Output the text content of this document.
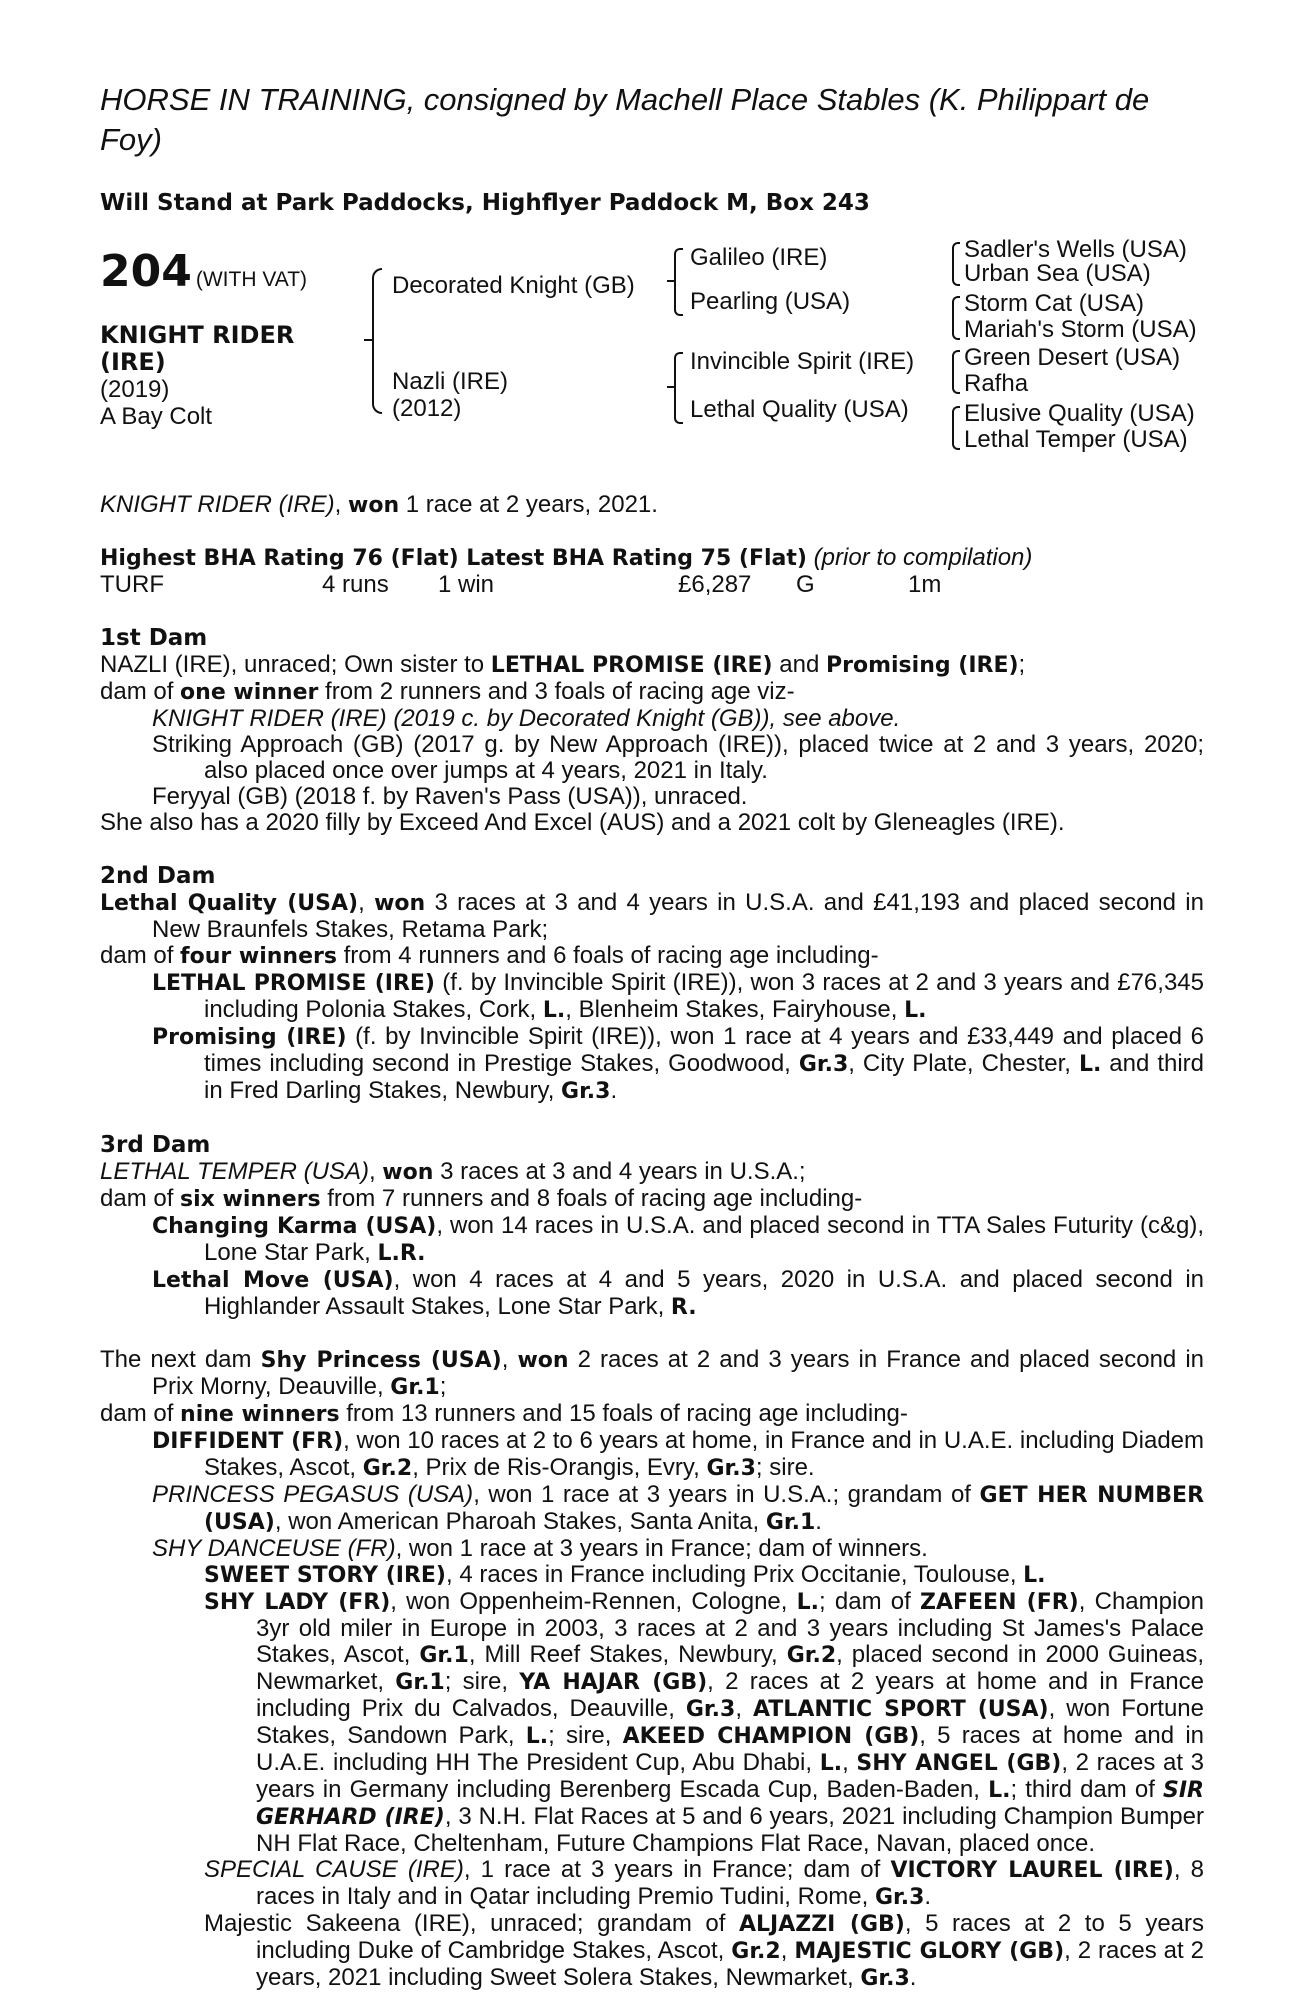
HORSE IN TRAINING, consigned by Machell Place Stables (K. Philippart de Foy)

Will Stand at Park Paddocks, Highflyer Paddock M, Box 243
204 (WITH VAT)
KNIGHT RIDER
(IRE)
(2019)
A Bay Colt
Decorated Knight (GB)
Nazli (IRE)
(2012)
Galileo (IRE)
Pearling (USA)
Invincible Spirit (IRE)
Lethal Quality (USA)
Sadler's Wells (USA)
Urban Sea (USA)
Storm Cat (USA)
Mariah's Storm (USA)
Green Desert (USA)
Rafha
Elusive Quality (USA)
Lethal Temper (USA)

KNIGHT RIDER (IRE), won 1 race at 2 years, 2021.

Highest BHA Rating 76 (Flat) Latest BHA Rating 75 (Flat) (prior to compilation)

TURF	4 runs	1 win	£6,287	G	1m

1st Dam

NAZLI (IRE), unraced; Own sister to LETHAL PROMISE (IRE) and Promising (IRE);

dam of one winner from 2 runners and 3 foals of racing age viz-

KNIGHT RIDER (IRE) (2019 c. by Decorated Knight (GB)), see above.

Striking Approach (GB) (2017 g. by New Approach (IRE)), placed twice at 2 and 3 years, 2020; also placed once over jumps at 4 years, 2021 in Italy.

Feryyal (GB) (2018 f. by Raven's Pass (USA)), unraced.

She also has a 2020 filly by Exceed And Excel (AUS) and a 2021 colt by Gleneagles (IRE).

2nd Dam

Lethal Quality (USA), won 3 races at 3 and 4 years in U.S.A. and £41,193 and placed second in New Braunfels Stakes, Retama Park;

dam of four winners from 4 runners and 6 foals of racing age including-

LETHAL PROMISE (IRE) (f. by Invincible Spirit (IRE)), won 3 races at 2 and 3 years and £76,345 including Polonia Stakes, Cork, L., Blenheim Stakes, Fairyhouse, L.

Promising (IRE) (f. by Invincible Spirit (IRE)), won 1 race at 4 years and £33,449 and placed 6 times including second in Prestige Stakes, Goodwood, Gr.3, City Plate, Chester, L. and third in Fred Darling Stakes, Newbury, Gr.3.

3rd Dam

LETHAL TEMPER (USA), won 3 races at 3 and 4 years in U.S.A.;

dam of six winners from 7 runners and 8 foals of racing age including-

Changing Karma (USA), won 14 races in U.S.A. and placed second in TTA Sales Futurity (c&g), Lone Star Park, L.R.

Lethal Move (USA), won 4 races at 4 and 5 years, 2020 in U.S.A. and placed second in Highlander Assault Stakes, Lone Star Park, R.

The next dam Shy Princess (USA), won 2 races at 2 and 3 years in France and placed second in Prix Morny, Deauville, Gr.1;

dam of nine winners from 13 runners and 15 foals of racing age including-

DIFFIDENT (FR), won 10 races at 2 to 6 years at home, in France and in U.A.E. including Diadem Stakes, Ascot, Gr.2, Prix de Ris-Orangis, Evry, Gr.3; sire.

PRINCESS PEGASUS (USA), won 1 race at 3 years in U.S.A.; grandam of GET HER NUMBER (USA), won American Pharoah Stakes, Santa Anita, Gr.1.

SHY DANCEUSE (FR), won 1 race at 3 years in France; dam of winners.

SWEET STORY (IRE), 4 races in France including Prix Occitanie, Toulouse, L.

SHY LADY (FR), won Oppenheim-Rennen, Cologne, L.; dam of ZAFEEN (FR), Champion 3yr old miler in Europe in 2003, 3 races at 2 and 3 years including St James's Palace Stakes, Ascot, Gr.1, Mill Reef Stakes, Newbury, Gr.2, placed second in 2000 Guineas, Newmarket, Gr.1; sire, YA HAJAR (GB), 2 races at 2 years at home and in France including Prix du Calvados, Deauville, Gr.3, ATLANTIC SPORT (USA), won Fortune Stakes, Sandown Park, L.; sire, AKEED CHAMPION (GB), 5 races at home and in U.A.E. including HH The President Cup, Abu Dhabi, L., SHY ANGEL (GB), 2 races at 3 years in Germany including Berenberg Escada Cup, Baden-Baden, L.; third dam of SIR GERHARD (IRE), 3 N.H. Flat Races at 5 and 6 years, 2021 including Champion Bumper NH Flat Race, Cheltenham, Future Champions Flat Race, Navan, placed once.

SPECIAL CAUSE (IRE), 1 race at 3 years in France; dam of VICTORY LAUREL (IRE), 8 races in Italy and in Qatar including Premio Tudini, Rome, Gr.3.

Majestic Sakeena (IRE), unraced; grandam of ALJAZZI (GB), 5 races at 2 to 5 years including Duke of Cambridge Stakes, Ascot, Gr.2, MAJESTIC GLORY (GB), 2 races at 2 years, 2021 including Sweet Solera Stakes, Newmarket, Gr.3.
